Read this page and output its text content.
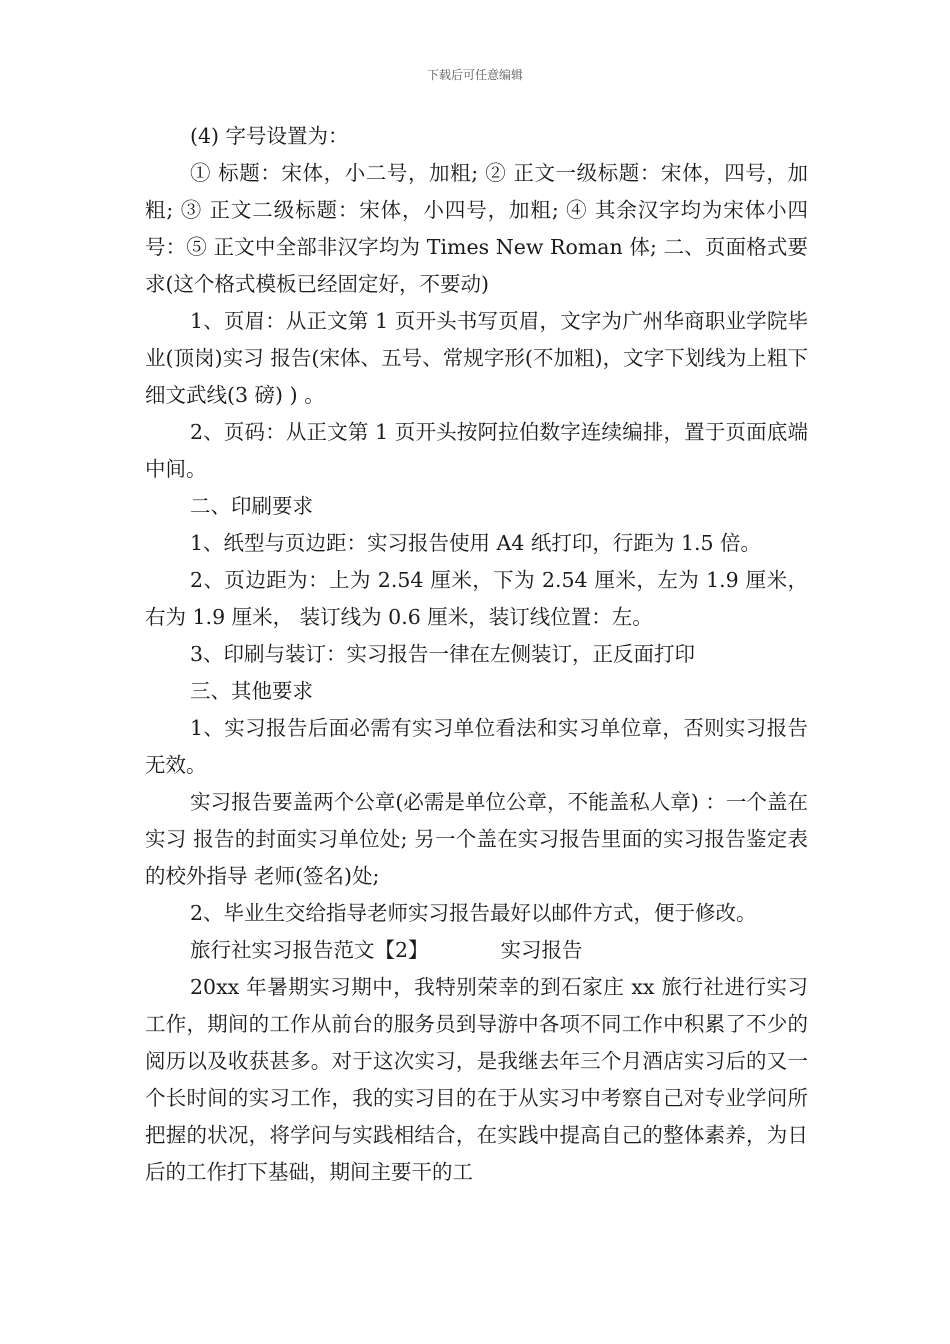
下载后可任意编辑

(4) 字号设置为：

① 标题：宋体，小二号，加粗; ② 正文一级标题：宋体，四号，加粗; ③ 正文二级标题：宋体，小四号，加粗; ④ 其余汉字均为宋体小四号：⑤ 正文中全部非汉字均为 Times New Roman 体; 二、页面格式要求(这个格式模板已经固定好，不要动)

1、页眉：从正文第 1 页开头书写页眉，文字为广州华商职业学院毕业(顶岗)实习 报告(宋体、五号、常规字形(不加粗)，文字下划线为上粗下细文武线(3 磅) ) 。

2、页码：从正文第 1 页开头按阿拉伯数字连续编排，置于页面底端中间。

二、印刷要求

1、纸型与页边距：实习报告使用 A4 纸打印，行距为 1.5 倍。

2、页边距为：上为 2.54 厘米，下为 2.54 厘米，左为 1.9 厘米，右为 1.9 厘米， 装订线为 0.6 厘米，装订线位置：左。

3、印刷与装订：实习报告一律在左侧装订，正反面打印

三、其他要求

1、实习报告后面必需有实习单位看法和实习单位章，否则实习报告无效。

实习报告要盖两个公章(必需是单位公章，不能盖私人章) ：一个盖在实习 报告的封面实习单位处; 另一个盖在实习报告里面的实习报告鉴定表的校外指导 老师(签名)处;

2、毕业生交给指导老师实习报告最好以邮件方式，便于修改。

旅行社实习报告范文【2】	实习报告

20xx 年暑期实习期中，我特别荣幸的到石家庄 xx 旅行社进行实习工作，期间的工作从前台的服务员到导游中各项不同工作中积累了不少的阅历以及收获甚多。对于这次实习，是我继去年三个月酒店实习后的又一个长时间的实习工作，我的实习目的在于从实习中考察自己对专业学问所把握的状况，将学问与实践相结合，在实践中提高自己的整体素养，为日后的工作打下基础，期间主要干的工
